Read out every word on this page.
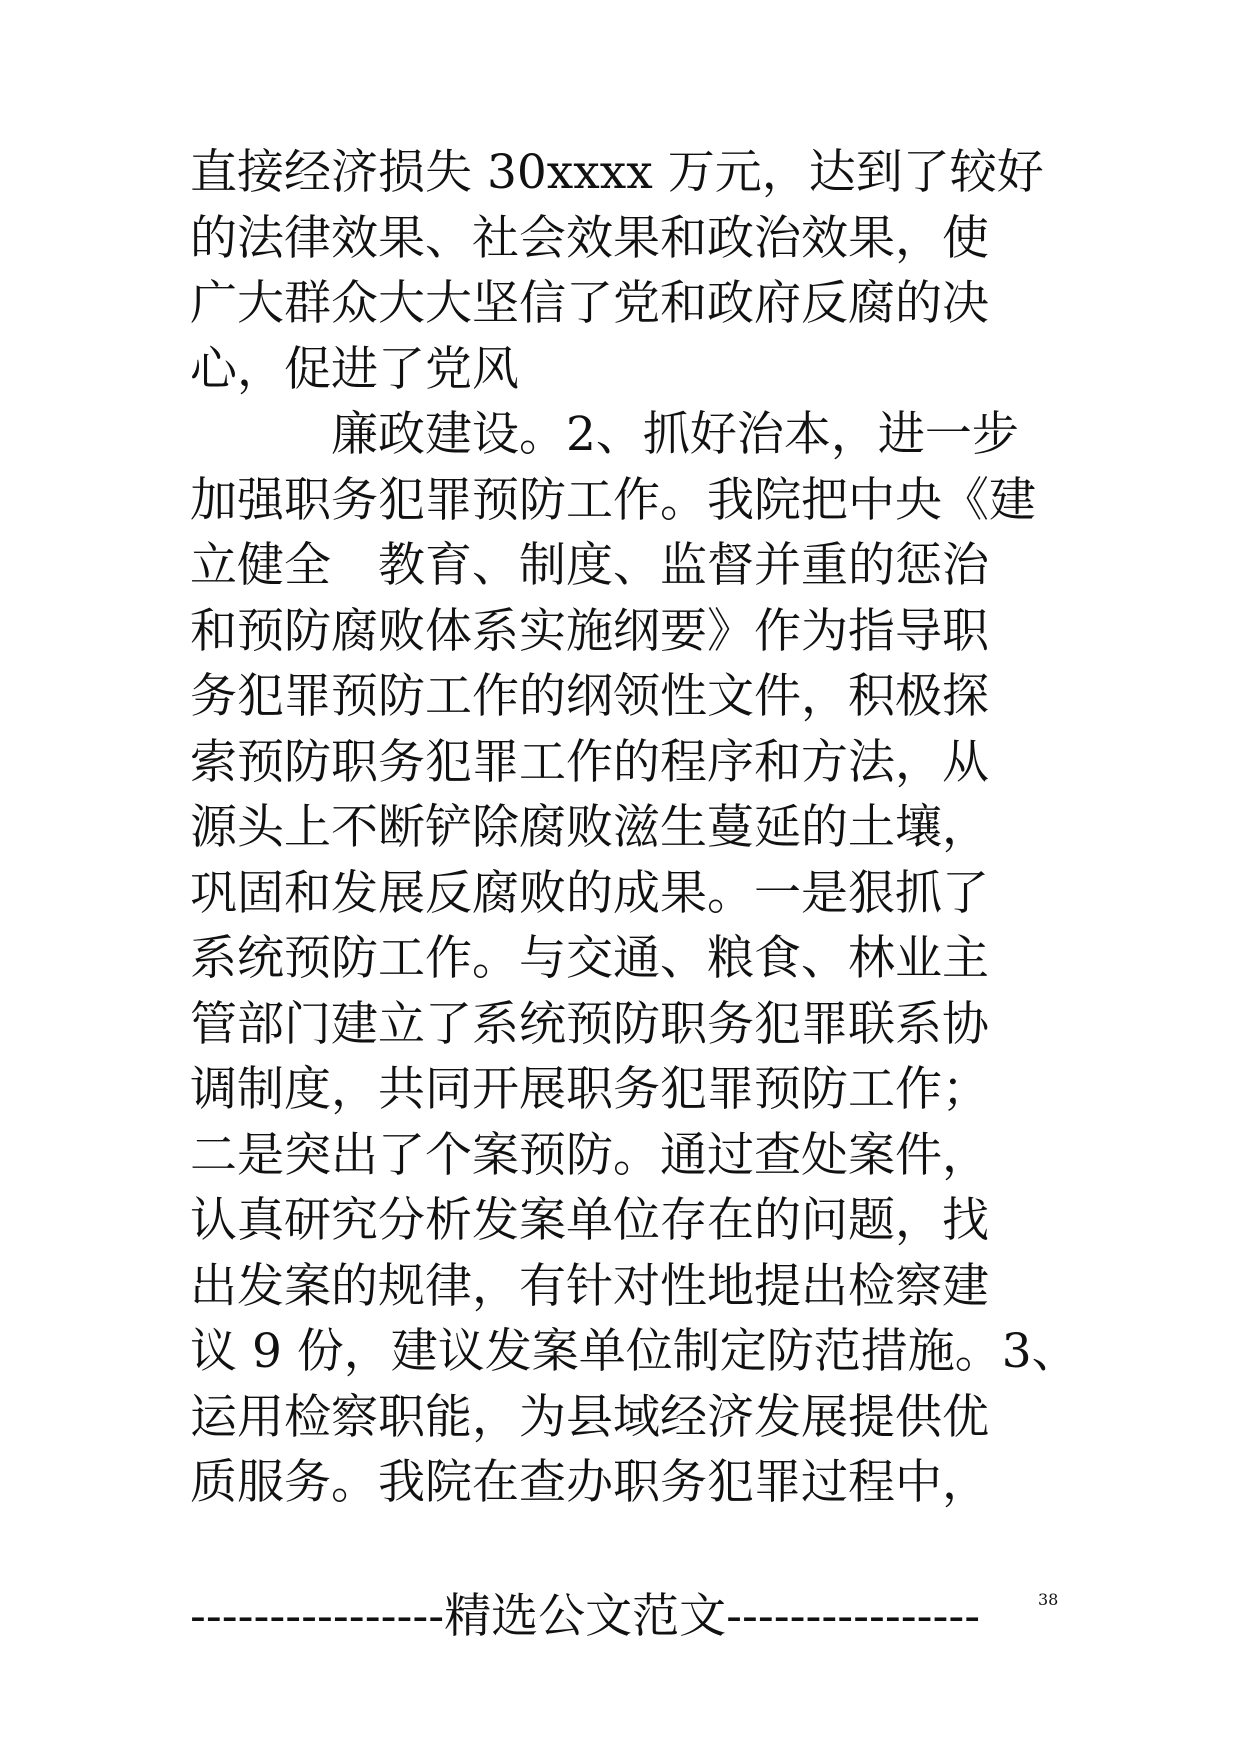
直接经济损失 30xxxx 万元，达到了较好
的法律效果、社会效果和政治效果，使
广大群众大大坚信了党和政府反腐的决
心，促进了党风
　　　廉政建设。2、抓好治本，进一步
加强职务犯罪预防工作。我院把中央《建
立健全　教育、制度、监督并重的惩治
和预防腐败体系实施纲要》作为指导职
务犯罪预防工作的纲领性文件，积极探
索预防职务犯罪工作的程序和方法，从
源头上不断铲除腐败滋生蔓延的土壤，
巩固和发展反腐败的成果。一是狠抓了
系统预防工作。与交通、粮食、林业主
管部门建立了系统预防职务犯罪联系协
调制度，共同开展职务犯罪预防工作；
二是突出了个案预防。通过查处案件，
认真研究分析发案单位存在的问题，找
出发案的规律，有针对性地提出检察建
议 9 份，建议发案单位制定防范措施。3、
运用检察职能，为县域经济发展提供优
质服务。我院在查办职务犯罪过程中，
----------------精选公文范文----------------	38
